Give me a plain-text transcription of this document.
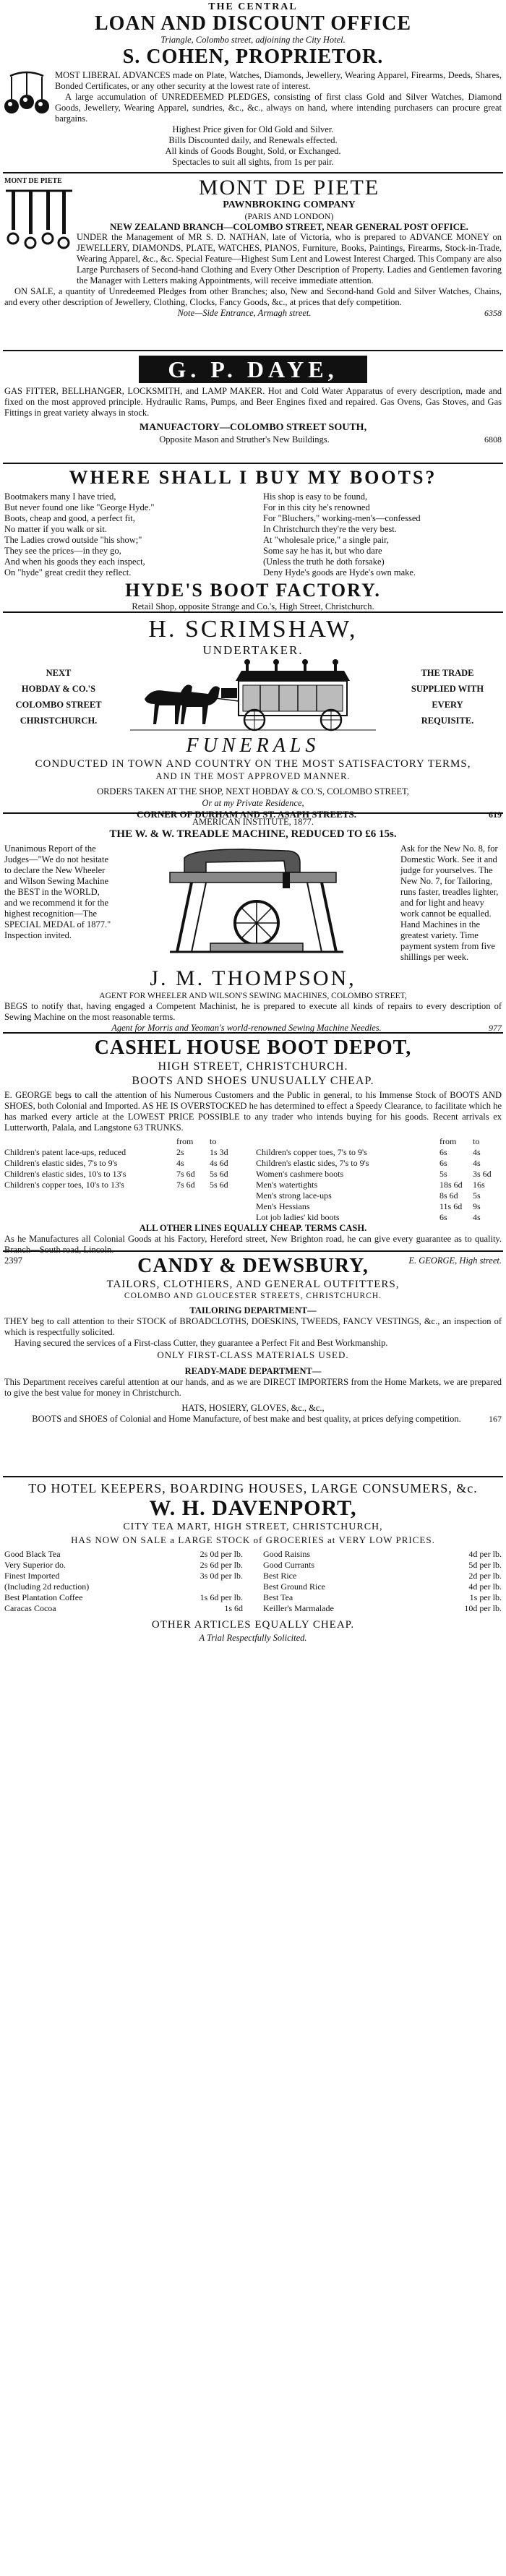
THE CENTRAL
LOAN AND DISCOUNT OFFICE
Triangle, Colombo street, adjoining the City Hotel.
S. COHEN, PROPRIETOR.
MOST LIBERAL ADVANCES made on Plate, Watches, Diamonds, Jewellery, Wearing Apparel, Firearms, Deeds, Shares, Bonded Certificates, or any other security at the lowest rate of interest.
A large accumulation of UNREDEEMED PLEDGES, consisting of first class Gold and Silver Watches, Diamond Goods, Jewellery, Wearing Apparel, sundries, &c., &c., always on hand, where intending purchasers can procure great bargains.
Highest Price given for Old Gold and Silver.
Bills Discounted daily, and Renewals effected.
All kinds of Goods Bought, Sold, or Exchanged.
Spectacles to suit all sights, from 1s per pair.
MONT DE PIETE	MONT DE PIETE
PAWNBROKING COMPANY
(PARIS AND LONDON)
NEW ZEALAND BRANCH—COLOMBO STREET, NEAR GENERAL POST OFFICE.
UNDER the Management of MR S. D. NATHAN, late of Victoria, who is prepared to ADVANCE MONEY on JEWELLERY, DIAMONDS, PLATE, WATCHES, PIANOS, Furniture, Books, Paintings, Firearms, Stock-in-Trade, Wearing Apparel, &c., &c. Special Feature—Highest Sum Lent and Lowest Interest Charged. This Company are also Large Purchasers of Second-hand Clothing and Every Other Description of Property. Ladies and Gentlemen favoring the Manager with Letters making Appointments, will receive immediate attention.
ON SALE, a quantity of Unredeemed Pledges from other Branches; also, New and Second-hand Gold and Silver Watches, Chains, and every other description of Jewellery, Clothing, Clocks, Fancy Goods, &c., at prices that defy competition.
Note—Side Entrance, Armagh street.	6358
G. P. DAYE,
GAS FITTER, BELLHANGER, LOCKSMITH, and LAMP MAKER. Hot and Cold Water Apparatus of every description, made and fixed on the most approved principle. Hydraulic Rams, Pumps, and Beer Engines fixed and repaired. Gas Ovens, Gas Stoves, and Gas Fittings in great variety always in stock.
MANUFACTORY—COLOMBO STREET SOUTH,
Opposite Mason and Struther's New Buildings.	6808
WHERE SHALL I BUY MY BOOTS?
Bootmakers many I have tried,
But never found one like "George Hyde."
Boots, cheap and good, a perfect fit,
No matter if you walk or sit.
The Ladies crowd outside "his show;"
They see the prices—in they go,
And when his goods they each inspect,
On "hyde" great credit they reflect.
His shop is easy to be found,
For in this city he's renowned
For "Bluchers," working-men's—confessed
In Christchurch they're the very best.
At "wholesale price," a single pair,
Some say he has it, but who dare
(Unless the truth he doth forsake)
Deny Hyde's goods are Hyde's own make.
HYDE'S BOOT FACTORY.
Retail Shop, opposite Strange and Co.'s, High Street, Christchurch.
H. SCRIMSHAW,
UNDERTAKER.
NEXT
HOBDAY & CO.'S
COLOMBO STREET
CHRISTCHURCH.
THE TRADE
SUPPLIED WITH
EVERY
REQUISITE.
FUNERALS
CONDUCTED IN TOWN AND COUNTRY ON THE MOST SATISFACTORY TERMS,
AND IN THE MOST APPROVED MANNER.
ORDERS TAKEN AT THE SHOP, NEXT HOBDAY & CO.'S, COLOMBO STREET,
Or at my Private Residence,
CORNER OF DURHAM AND ST. ASAPH STREETS.	619
AMERICAN INSTITUTE, 1877.
THE W. & W. TREADLE MACHINE, REDUCED TO £6 15s.
Unanimous Report of the Judges—"We do not hesitate to declare the New Wheeler and Wilson Sewing Machine the BEST in the WORLD, and we recommend it for the highest recognition—The SPECIAL MEDAL of 1877." Inspection invited.
Ask for the New No. 8, for Domestic Work. See it and judge for yourselves. The New No. 7, for Tailoring, runs faster, treadles lighter, and for light and heavy work cannot be equalled. Hand Machines in the greatest variety. Time payment system from five shillings per week.
J. M. THOMPSON,
AGENT FOR WHEELER AND WILSON'S SEWING MACHINES, COLOMBO STREET,
BEGS to notify that, having engaged a Competent Machinist, he is prepared to execute all kinds of repairs to every description of Sewing Machine on the most reasonable terms.
Agent for Morris and Yeoman's world-renowned Sewing Machine Needles.	977
CASHEL HOUSE BOOT DEPOT,
HIGH STREET, CHRISTCHURCH.
BOOTS AND SHOES UNUSUALLY CHEAP.
E. GEORGE begs to call the attention of his Numerous Customers and the Public in general, to his Immense Stock of BOOTS AND SHOES, both Colonial and Imported. AS HE IS OVERSTOCKED he has determined to effect a Speedy Clearance, to facilitate which he has marked every article at the LOWEST PRICE POSSIBLE to any trader who intends buying for his goods. Recent arrivals ex Lutterworth, Palala, and Langstone 63 TRUNKS.
from to
Children's patent lace-ups, reduced	2s	1s 3d
Children's elastic sides, 7's to 9's	4s	4s 6d
Children's elastic sides, 10's to 13's	7s 6d 5s 6d
Children's copper toes, 10's to 13's	7s 6d 5s 6d
from to
Children's copper toes, 7's to 9's	6s	4s
Children's elastic sides, 7's to 9's	6s	4s
Women's cashmere boots	5s	3s 6d
Men's watertights	18s 6d 16s
Men's strong lace-ups	8s 6d 5s
Men's Hessians	11s 6d 9s
Lot job ladies' kid boots	6s	4s
ALL OTHER LINES EQUALLY CHEAP. TERMS CASH.
As he Manufactures all Colonial Goods at his Factory, Hereford street, New Brighton road, he can give every guarantee as to quality. Branch—South road, Lincoln.
2397	E. GEORGE, High street.
CANDY & DEWSBURY,
TAILORS, CLOTHIERS, AND GENERAL OUTFITTERS,
COLOMBO AND GLOUCESTER STREETS, CHRISTCHURCH.
TAILORING DEPARTMENT—
THEY beg to call attention to their STOCK of BROADCLOTHS, DOESKINS, TWEEDS, FANCY VESTINGS, &c., an inspection of which is respectfully solicited.
Having secured the services of a First-class Cutter, they guarantee a Perfect Fit and Best Workmanship.
ONLY FIRST-CLASS MATERIALS USED.
READY-MADE DEPARTMENT—
This Department receives careful attention at our hands, and as we are DIRECT IMPORTERS from the Home Markets, we are prepared to give the best value for money in Christchurch.
HATS, HOSIERY, GLOVES, &c., &c.,
BOOTS and SHOES of Colonial and Home Manufacture, of best make and best quality, at prices defying competition.	167
TO HOTEL KEEPERS, BOARDING HOUSES, LARGE CONSUMERS, &c.
W. H. DAVENPORT,
CITY TEA MART, HIGH STREET, CHRISTCHURCH,
HAS NOW ON SALE a LARGE STOCK of GROCERIES at VERY LOW PRICES.
Good Black Tea	2s 0d per lb.
Very Superior do.	2s 6d per lb.
Finest Imported	3s 0d per lb.
(Including 2d reduction)
Best Plantation Coffee	1s 6d per lb.
Caracas Cocoa	1s 6d
Good Raisins	4d per lb.
Good Currants	5d per lb.
Best Rice	2d per lb.
Best Ground Rice	4d per lb.
Best Tea	1s per lb.
Keiller's Marmalade	10d per lb.
OTHER ARTICLES EQUALLY CHEAP.
A Trial Respectfully Solicited.
